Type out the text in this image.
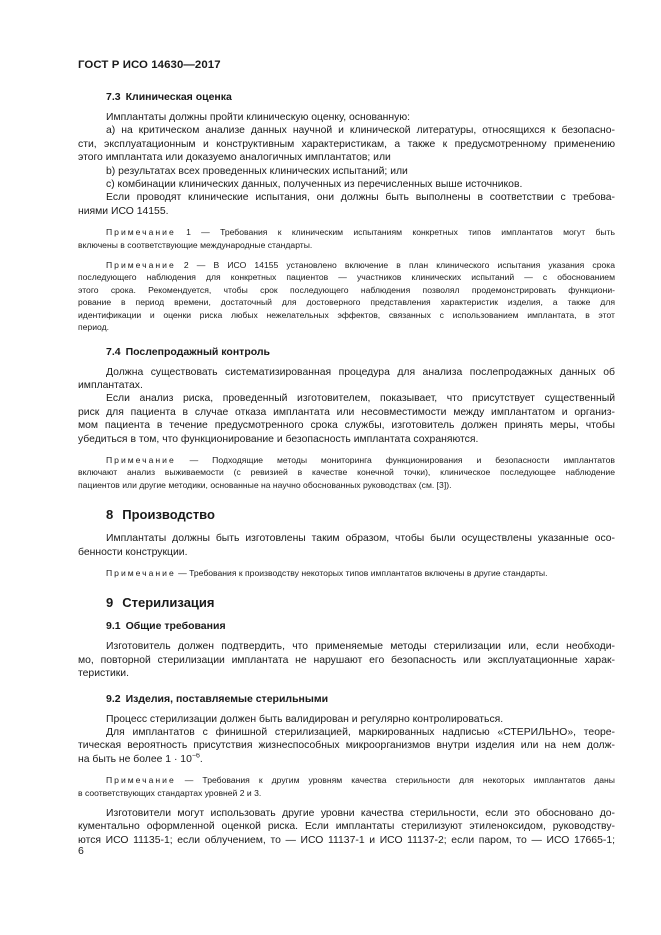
ГОСТ Р ИСО 14630—2017
7.3 Клиническая оценка
Имплантаты должны пройти клиническую оценку, основанную:
а) на критическом анализе данных научной и клинической литературы, относящихся к безопасно-
сти, эксплуатационным и конструктивным характеристикам, а также к предусмотренному применению
этого имплантата или доказуемо аналогичных имплантатов; или
b) результатах всех проведенных клинических испытаний; или
с) комбинации клинических данных, полученных из перечисленных выше источников.
Если проводят клинические испытания, они должны быть выполнены в соответствии с требова-
ниями ИСО 14155.
Примечание 1 — Требования к клиническим испытаниям конкретных типов имплантатов могут быть
включены в соответствующие международные стандарты.
Примечание 2 — В ИСО 14155 установлено включение в план клинического испытания указания срока
последующего наблюдения для конкретных пациентов — участников клинических испытаний — с обоснованием
этого срока. Рекомендуется, чтобы срок последующего наблюдения позволял продемонстрировать функциони-
рование в период времени, достаточный для достоверного представления характеристик изделия, а также для
идентификации и оценки риска любых нежелательных эффектов, связанных с использованием имплантата, в этот
период.
7.4 Послепродажный контроль
Должна существовать систематизированная процедура для анализа послепродажных данных об
имплантатах.
Если анализ риска, проведенный изготовителем, показывает, что присутствует существенный
риск для пациента в случае отказа имплантата или несовместимости между имплантатом и организ-
мом пациента в течение предусмотренного срока службы, изготовитель должен принять меры, чтобы
убедиться в том, что функционирование и безопасность имплантата сохраняются.
Примечание — Подходящие методы мониторинга функционирования и безопасности имплантатов
включают анализ выживаемости (с ревизией в качестве конечной точки), клиническое последующее наблюдение
пациентов или другие методики, основанные на научно обоснованных руководствах (см. [3]).
8 Производство
Имплантаты должны быть изготовлены таким образом, чтобы были осуществлены указанные осо-
бенности конструкции.
Примечание — Требования к производству некоторых типов имплантатов включены в другие стандарты.
9 Стерилизация
9.1 Общие требования
Изготовитель должен подтвердить, что применяемые методы стерилизации или, если необходи-
мо, повторной стерилизации имплантата не нарушают его безопасность или эксплуатационные харак-
теристики.
9.2 Изделия, поставляемые стерильными
Процесс стерилизации должен быть валидирован и регулярно контролироваться.
Для имплантатов с финишной стерилизацией, маркированных надписью «СТЕРИЛЬНО», теоре-
тическая вероятность присутствия жизнеспособных микроорганизмов внутри изделия или на нем долж-
на быть не более $1 \cdot 10^{-6}$.
Примечание — Требования к другим уровням качества стерильности для некоторых имплантатов даны
в соответствующих стандартах уровней 2 и 3.
Изготовители могут использовать другие уровни качества стерильности, если это обосновано до-
кументально оформленной оценкой риска. Если имплантаты стерилизуют этиленоксидом, руководству-
ются ИСО 11135-1; если облучением, то — ИСО 11137-1 и ИСО 11137-2; если паром, то — ИСО 17665-1;
6
